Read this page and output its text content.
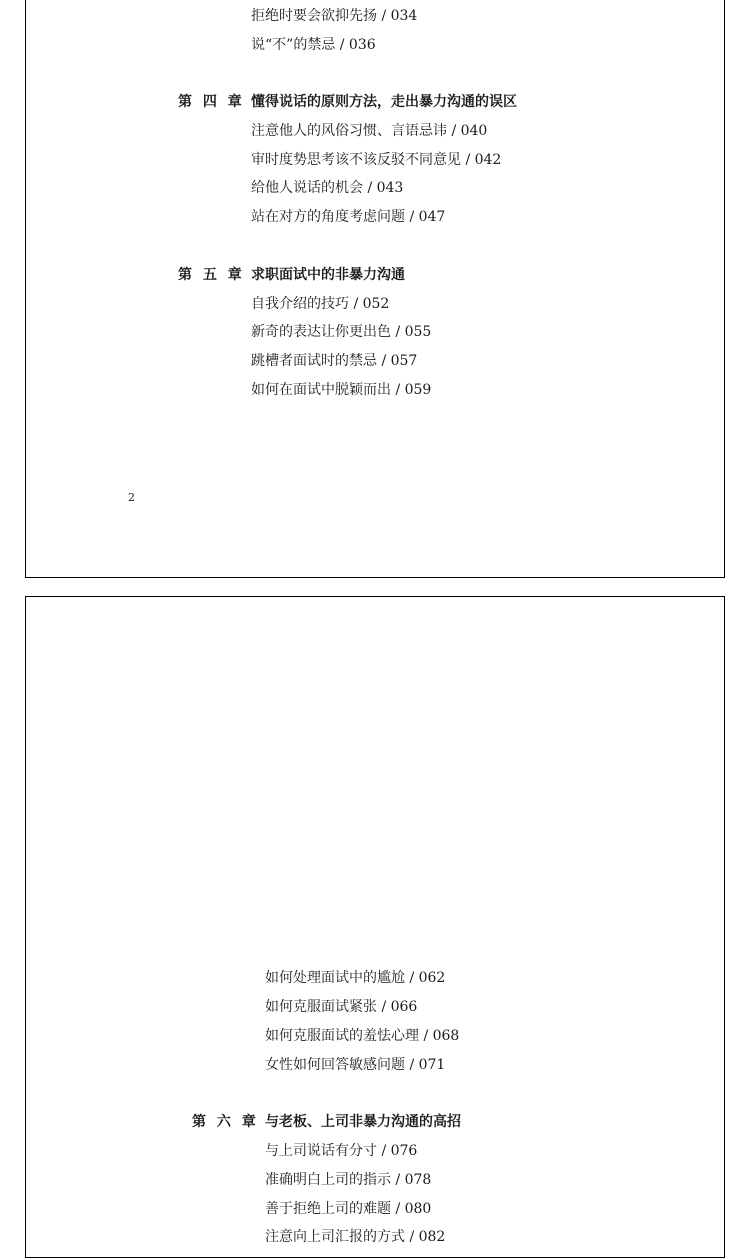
拒绝时要会欲抑先扬 / 034
说“不”的禁忌 / 036
第 四 章 懂得说话的原则方法，走出暴力沟通的误区
注意他人的风俗习惯、言语忌讳 / 040
审时度势思考该不该反驳不同意见 / 042
给他人说话的机会 / 043
站在对方的角度考虑问题 / 047
第 五 章 求职面试中的非暴力沟通
自我介绍的技巧 / 052
新奇的表达让你更出色 / 055
跳槽者面试时的禁忌 / 057
如何在面试中脱颖而出 / 059
2
如何处理面试中的尴尬 / 062
如何克服面试紧张 / 066
如何克服面试的羞怯心理 / 068
女性如何回答敏感问题 / 071
第 六 章 与老板、上司非暴力沟通的高招
与上司说话有分寸 / 076
准确明白上司的指示 / 078
善于拒绝上司的难题 / 080
注意向上司汇报的方式 / 082
